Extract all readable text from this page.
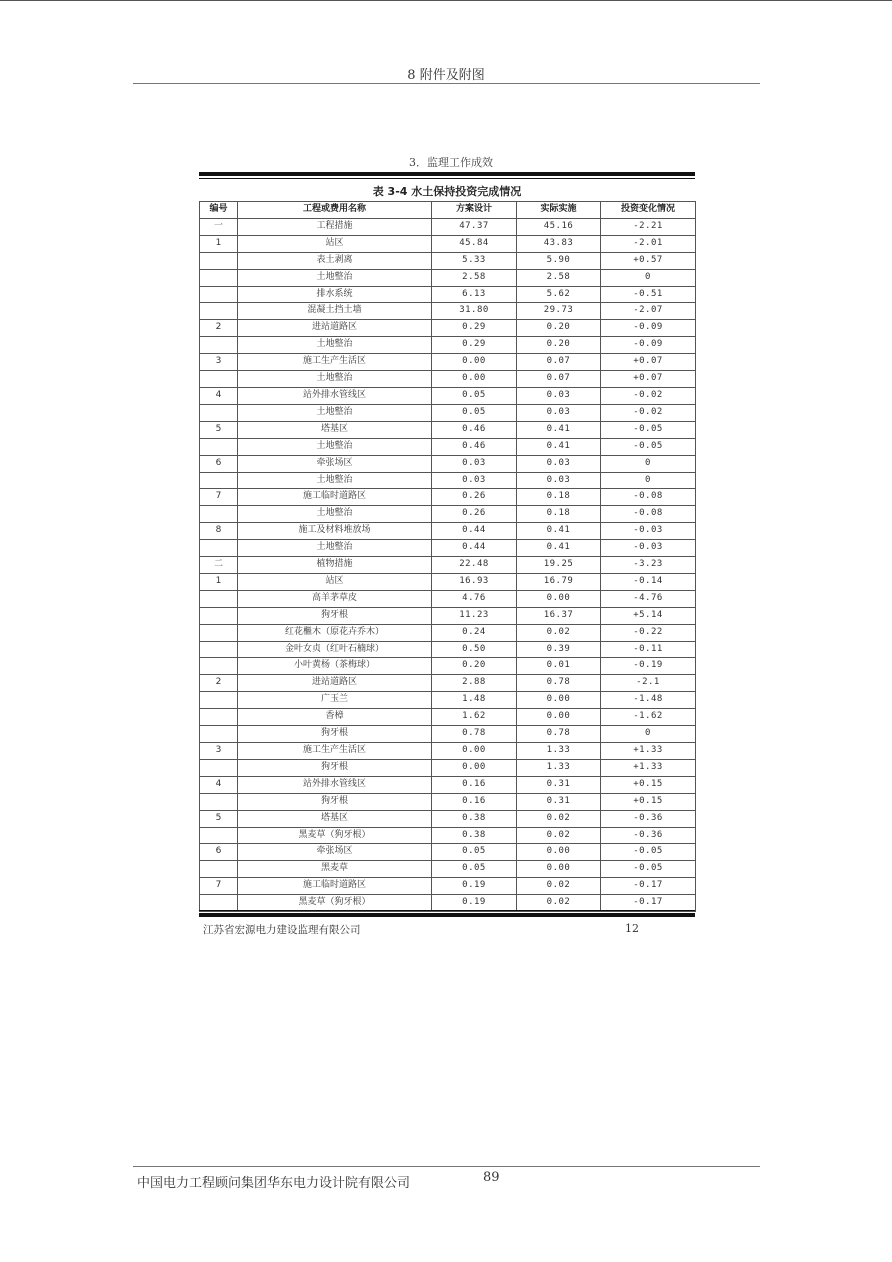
8 附件及附图
3．监理工作成效
表 3-4 水土保持投资完成情况
编号	工程或费用名称	方案设计	实际实施	投资变化情况
一	工程措施	47.37	45.16	-2.21
1	站区	45.84	43.83	-2.01
	表土剥离	5.33	5.90	+0.57
	土地整治	2.58	2.58	0
	排水系统	6.13	5.62	-0.51
	混凝土挡土墙	31.80	29.73	-2.07
2	进站道路区	0.29	0.20	-0.09
	土地整治	0.29	0.20	-0.09
3	施工生产生活区	0.00	0.07	+0.07
	土地整治	0.00	0.07	+0.07
4	站外排水管线区	0.05	0.03	-0.02
	土地整治	0.05	0.03	-0.02
5	塔基区	0.46	0.41	-0.05
	土地整治	0.46	0.41	-0.05
6	牵张场区	0.03	0.03	0
	土地整治	0.03	0.03	0
7	施工临时道路区	0.26	0.18	-0.08
	土地整治	0.26	0.18	-0.08
8	施工及材料堆放场	0.44	0.41	-0.03
	土地整治	0.44	0.41	-0.03
二	植物措施	22.48	19.25	-3.23
1	站区	16.93	16.79	-0.14
	高羊茅草皮	4.76	0.00	-4.76
	狗牙根	11.23	16.37	+5.14
	红花檵木（原花卉乔木）	0.24	0.02	-0.22
	金叶女贞（红叶石楠球）	0.50	0.39	-0.11
	小叶黄杨（茶梅球）	0.20	0.01	-0.19
2	进站道路区	2.88	0.78	-2.1
	广玉兰	1.48	0.00	-1.48
	香樟	1.62	0.00	-1.62
	狗牙根	0.78	0.78	0
3	施工生产生活区	0.00	1.33	+1.33
	狗牙根	0.00	1.33	+1.33
4	站外排水管线区	0.16	0.31	+0.15
	狗牙根	0.16	0.31	+0.15
5	塔基区	0.38	0.02	-0.36
	黑麦草（狗牙根）	0.38	0.02	-0.36
6	牵张场区	0.05	0.00	-0.05
	黑麦草	0.05	0.00	-0.05
7	施工临时道路区	0.19	0.02	-0.17
	黑麦草（狗牙根）	0.19	0.02	-0.17
江苏省宏源电力建设监理有限公司	12
中国电力工程顾问集团华东电力设计院有限公司	89
